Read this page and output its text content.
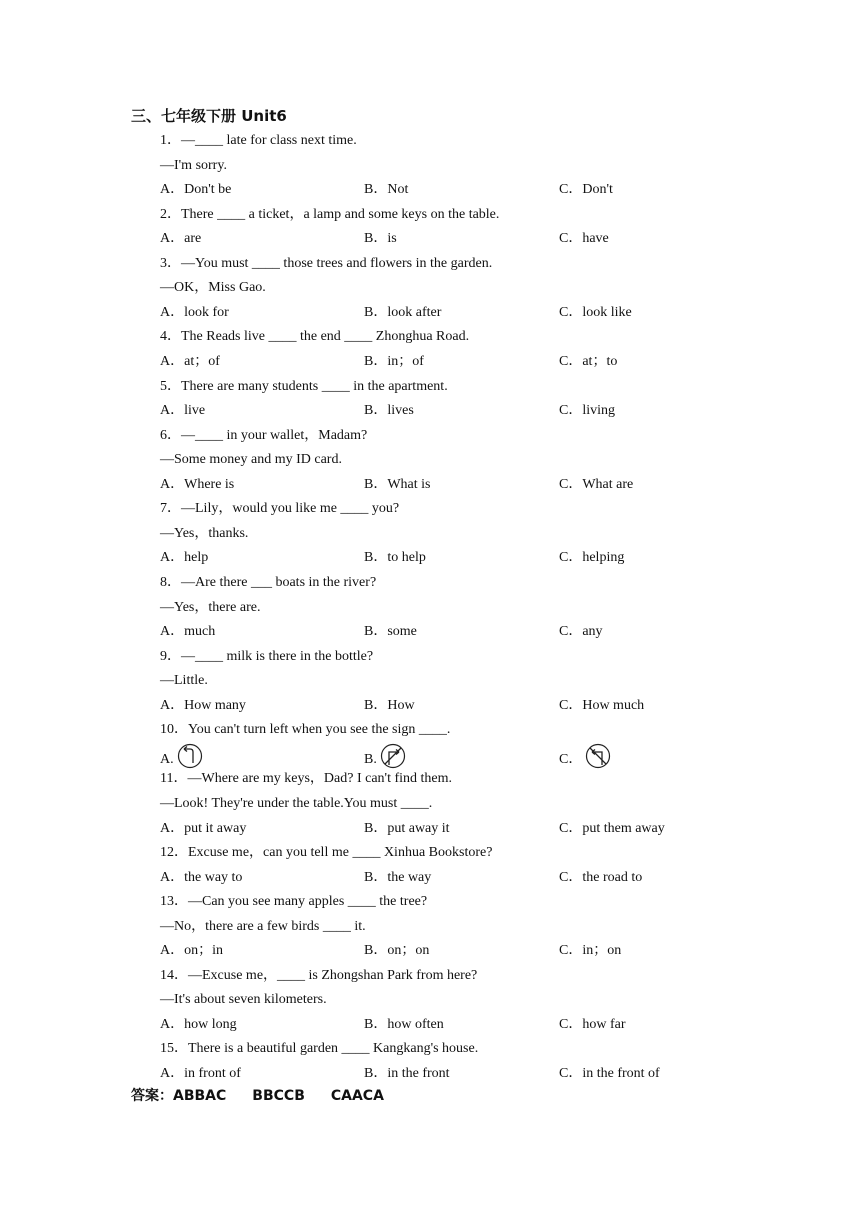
三、七年级下册 Unit6
1．—____ late for class next time.
—I'm sorry.
A．Don't be	B．Not	C．Don't
2．There ____ a ticket，a lamp and some keys on the table.
A．are	B．is	C．have
3．—You must ____ those trees and flowers in the garden.
—OK，Miss Gao.
A．look for	B．look after	C．look like
4．The Reads live ____ the end ____ Zhonghua Road.
A．at；of	B．in；of	C．at；to
5．There are many students ____ in the apartment.
A．live	B．lives	C．living
6．—____ in your wallet，Madam?
—Some money and my ID card.
A．Where is	B．What is	C．What are
7．—Lily，would you like me ____ you?
—Yes，thanks.
A．help	B．to help	C．helping
8．—Are there ___ boats in the river?
—Yes，there are.
A．much	B．some	C．any
9．—____ milk is there in the bottle?
—Little.
A．How many	B．How	C．How much
10．You can't turn left when you see the sign ____.
A.	B.	C．
11．—Where are my keys，Dad? I can't find them.
—Look! They're under the table.You must ____.
A．put it away	B．put away it	C．put them away
12．Excuse me，can you tell me ____ Xinhua Bookstore?
A．the way to	B．the way	C．the road to
13．—Can you see many apples ____ the tree?
—No，there are a few birds ____ it.
A．on；in	B．on；on	C．in；on
14．—Excuse me，____ is Zhongshan Park from here?
—It's about seven kilometers.
A．how long	B．how often	C．how far
15．There is a beautiful garden ____ Kangkang's house.
A．in front of	B．in the front	C．in the front of
答案：ABBAC BBCCB CAACA
